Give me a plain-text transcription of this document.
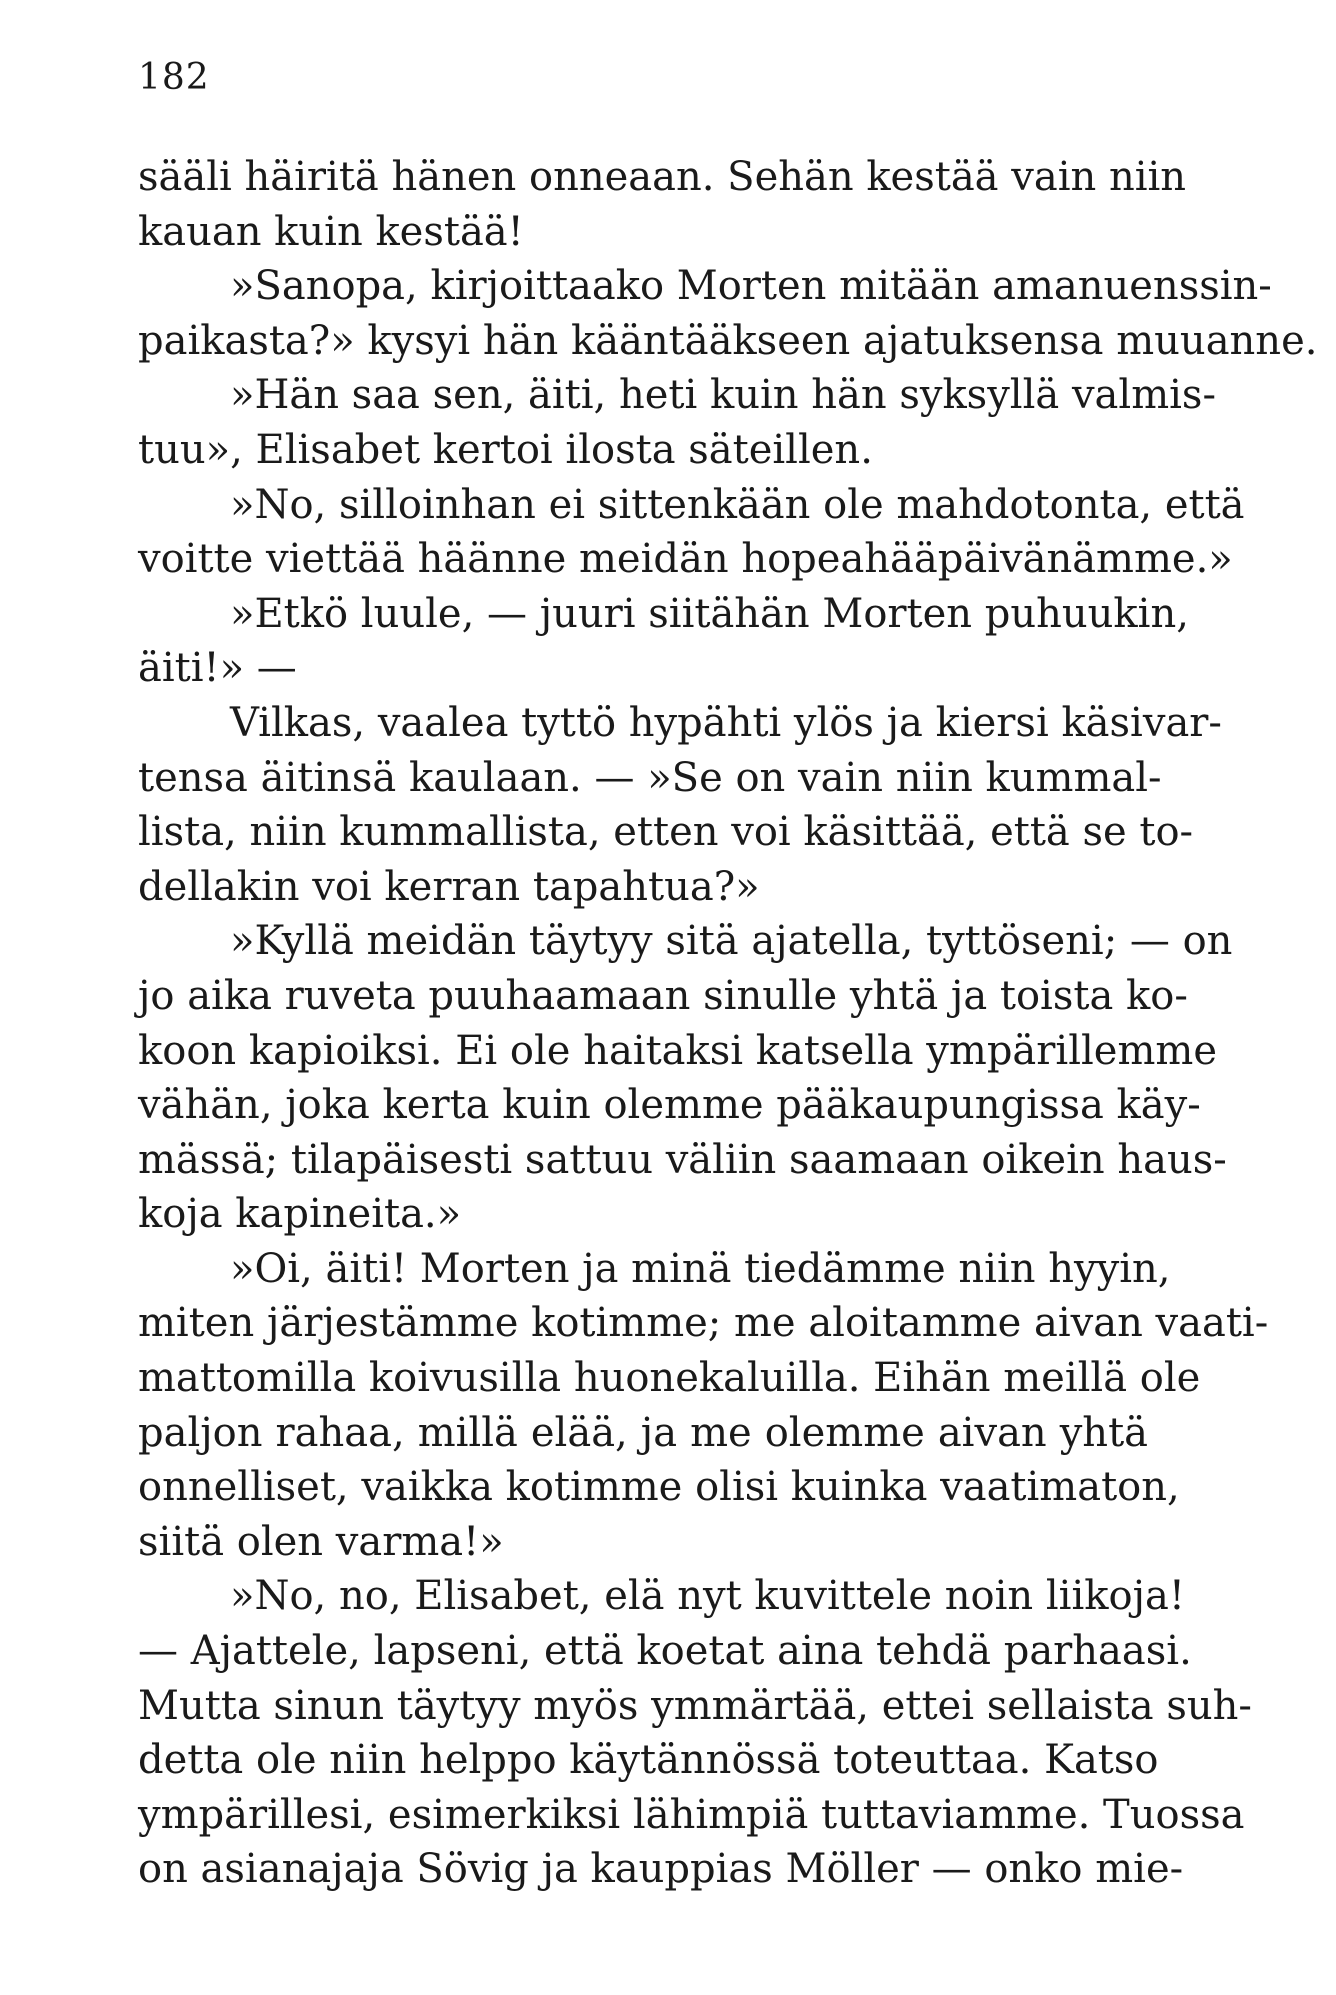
182
sääli häiritä hänen onneaan. Sehän kestää vain niin
kauan kuin kestää!
»Sanopa, kirjoittaako Morten mitään amanuenssin-
paikasta?» kysyi hän kääntääkseen ajatuksensa muuanne.
»Hän saa sen, äiti, heti kuin hän syksyllä valmis-
tuu», Elisabet kertoi ilosta säteillen.
»No, silloinhan ei sittenkään ole mahdotonta, että
voitte viettää häänne meidän hopeahääpäivänämme.»
»Etkö luule, — juuri siitähän Morten puhuukin,
äiti!» —
Vilkas, vaalea tyttö hypähti ylös ja kiersi käsivar-
tensa äitinsä kaulaan. — »Se on vain niin kummal-
lista, niin kummallista, etten voi käsittää, että se to-
dellakin voi kerran tapahtua?»
»Kyllä meidän täytyy sitä ajatella, tyttöseni; — on
jo aika ruveta puuhaamaan sinulle yhtä ja toista ko-
koon kapioiksi. Ei ole haitaksi katsella ympärillemme
vähän, joka kerta kuin olemme pääkaupungissa käy-
mässä; tilapäisesti sattuu väliin saamaan oikein haus-
koja kapineita.»
»Oi, äiti! Morten ja minä tiedämme niin hyyin,
miten järjestämme kotimme; me aloitamme aivan vaati-
mattomilla koivusilla huonekaluilla. Eihän meillä ole
paljon rahaa, millä elää, ja me olemme aivan yhtä
onnelliset, vaikka kotimme olisi kuinka vaatimaton,
siitä olen varma!»
»No, no, Elisabet, elä nyt kuvittele noin liikoja!
— Ajattele, lapseni, että koetat aina tehdä parhaasi.
Mutta sinun täytyy myös ymmärtää, ettei sellaista suh-
detta ole niin helppo käytännössä toteuttaa. Katso
ympärillesi, esimerkiksi lähimpiä tuttaviamme. Tuossa
on asianajaja Sövig ja kauppias Möller — onko mie-
